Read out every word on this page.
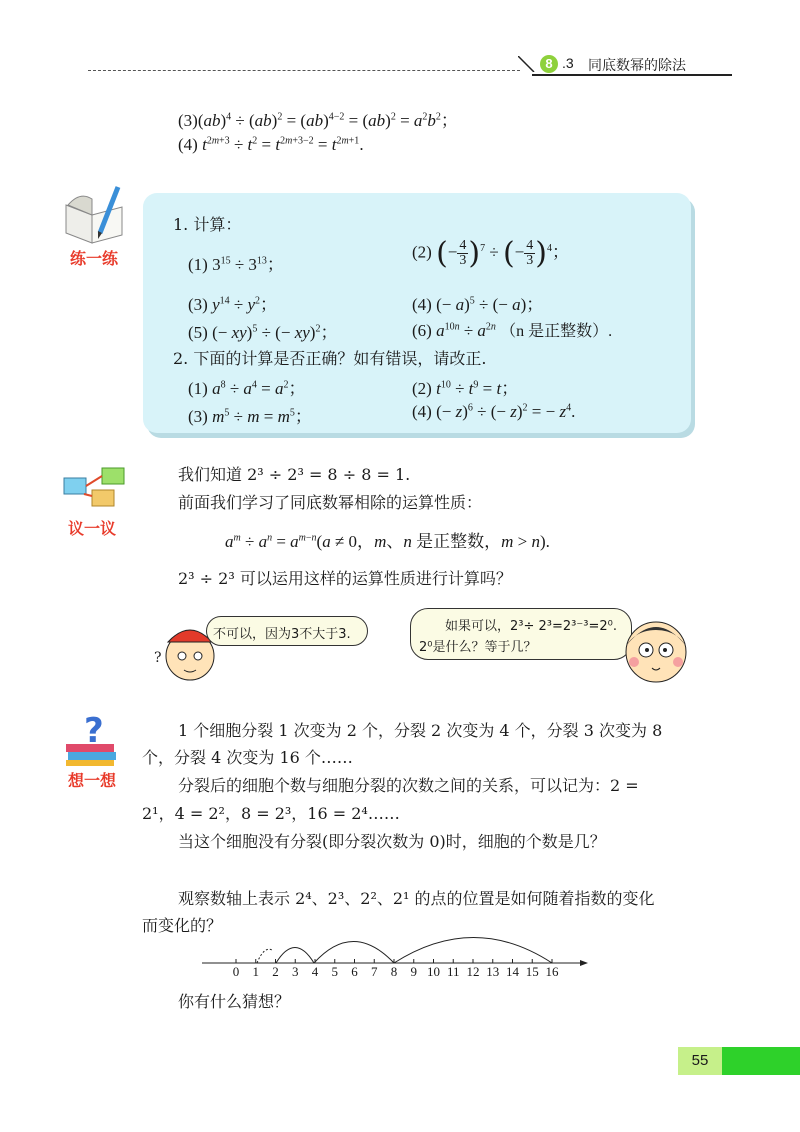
8 .3 同底数幂的除法
$(3)(ab)^4 \div (ab)^2 = (ab)^{4-2} = (ab)^2 = a^2b^2$；
(4) $t^{2m+3} \div t^2 = t^{2m+3-2} = t^{2m+1}$.
练一练
1. 计算：
(1) $3^{15} \div 3^{13}$；
(2) (− $\frac{4}{3} )^7$ ÷ (− $\frac{4}{3} )^4$；
(3) $y^{14} \div y^2$；	(4) (− a)$^5$ ÷ (− a)；
(5) (− xy)$^5$ ÷ (− xy)$^2$；	(6) $a^{10n} \div a^{2n}$ （n 是正整数）.
2. 下面的计算是否正确？如有错误，请改正.
(1) $a^8 \div a^4 = a^2$；	(2) $t^{10} \div t^9 = t$；
(3) $m^5 \div m = m^5$；	(4) (− z)$^6$ ÷ (− z)$^2$ = − $z^4$.
议一议
我们知道 2³ ÷ 2³ = 8 ÷ 8 = 1.
前面我们学习了同底数幂相除的运算性质：
$a^m \div a^n = a^{m-n}(a \ne 0$，m、n 是正整数，m > n).
2³ ÷ 2³ 可以运用这样的运算性质进行计算吗？
?
不可以，因为3不大于3.
如果可以，2³÷ 2³=2³⁻³=2⁰.
2⁰是什么？等于几？
?
想一想
1 个细胞分裂 1 次变为 2 个，分裂 2 次变为 4 个，分裂 3 次变为 8
个，分裂 4 次变为 16 个……
分裂后的细胞个数与细胞分裂的次数之间的关系，可以记为：2 =
2¹，4 = 2²，8 = 2³，16 = 2⁴……
当这个细胞没有分裂(即分裂次数为 0)时，细胞的个数是几？
观察数轴上表示 2⁴、2³、2²、2¹ 的点的位置是如何随着指数的变化
而变化的？
0	1	2	3	4	5	6	7	8	9 10 11 12 13 14 15 16
你有什么猜想？
55
